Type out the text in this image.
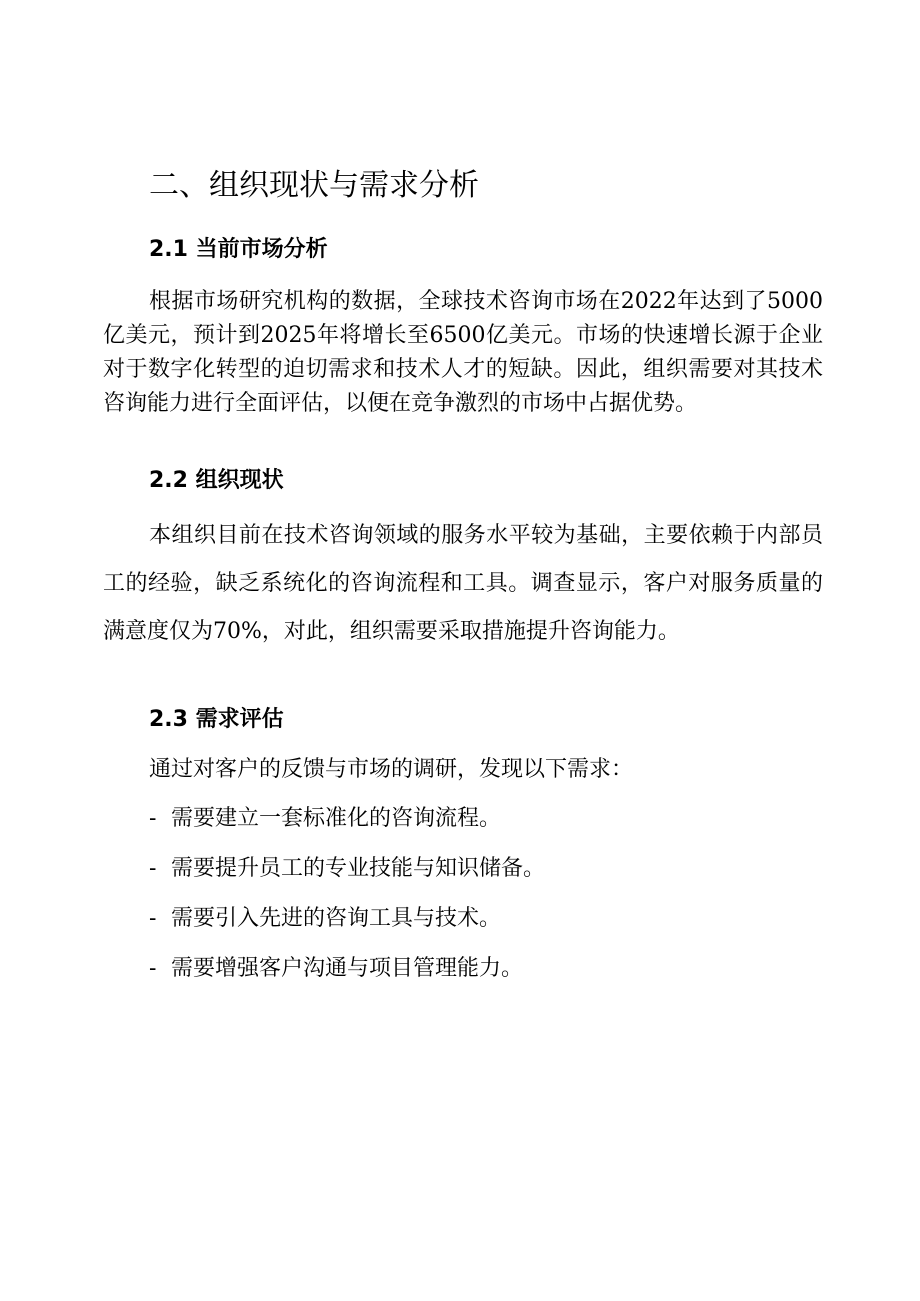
二、组织现状与需求分析
2.1 当前市场分析

根据市场研究机构的数据，全球技术咨询市场在2022年达到了5000亿美元，预计到2025年将增长至6500亿美元。市场的快速增长源于企业对于数字化转型的迫切需求和技术人才的短缺。因此，组织需要对其技术咨询能力进行全面评估，以便在竞争激烈的市场中占据优势。

2.2 组织现状

本组织目前在技术咨询领域的服务水平较为基础，主要依赖于内部员工的经验，缺乏系统化的咨询流程和工具。调查显示，客户对服务质量的满意度仅为70%，对此，组织需要采取措施提升咨询能力。

2.3 需求评估
通过对客户的反馈与市场的调研，发现以下需求：
- 需要建立一套标准化的咨询流程。
- 需要提升员工的专业技能与知识储备。
- 需要引入先进的咨询工具与技术。
- 需要增强客户沟通与项目管理能力。
